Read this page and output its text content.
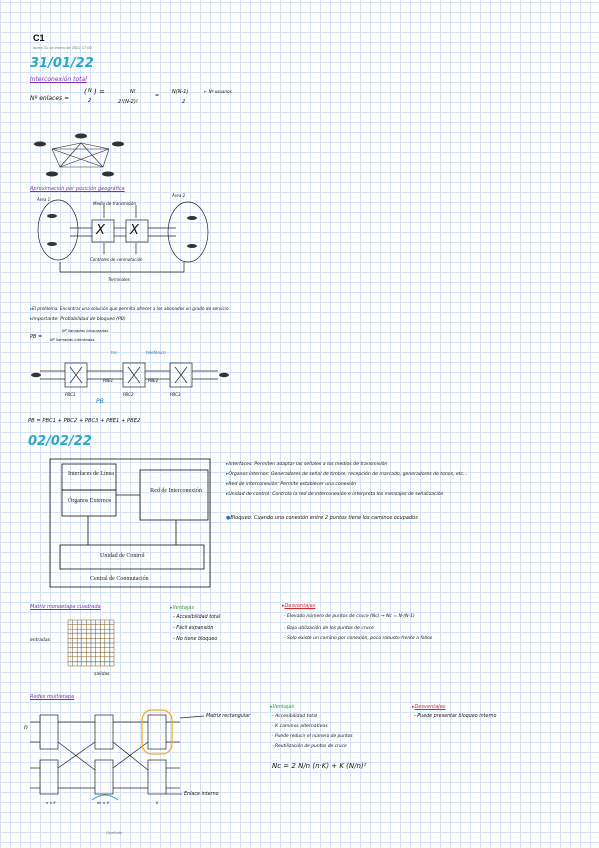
C1
lunes 31 de enero de 2022 17:00
31/01/22
Interconexión total
Nº enlaces =
( N
2
) =	N!
2!(N-2)!
=
N(N-1)
2
← Nº usuarios
Aproximación por posición geográfica
Área 1
Área 2
Medio de transmisión
Controles de conmutación
Terminales
X X
▸El problema: Encontrar una solución que permita afrecer a los abonados un grado de servicio.
▸Importante: Probabilidad de bloqueo (PB)
PB =
Nº llamadas bloqueadas
Nº llamadas intentadas
tro	telefonico
PBE1	PBE2
PBC1	PBC2	PBC3
PB
PB = PBC1 + PBC2 + PBC3 + PBE1 + PBE2
02/02/22
Interfaces de Línea
Órganos Externos
Red de Interconexión
Unidad de Control
Central de Conmutación
▸Interfaces: Permiten adaptar las señales a los medios de transmisión
▸Órganos internos: Generadores de señal de timbre, recepción de marcado, generadores de tonos, etc...
▸Red de interconexión: Permite establecer una conexión
▸Unidad de control: Controla la red de interconexión e interpreta los mensajes de señalización
●Bloqueo: Cuando una conexión entre 2 puntos tiene los caminos ocupados
Matriz monoetapa cuadrada
entradas
salidas
▸Ventajas
- Accesibilidad total
- Fácil expansión
- No tiene bloqueo
▸Desventajas
- Elevado número de puntos de cruce (Nc) → Nc = N·(N-1)
- Baja utilización de los puntos de cruce
- Solo existe un camino por conexión, poco robusto frente a fallos
Redes multietapa
n
Matriz rectangular
Enlace interno
▸Ventajas
- Accesibilidad total
- K caminos alternativos
- Puede reducir el número de puntos
- Reutilización de puntos de cruce
▸Desventajas
- Puede presentar bloqueo interno
Nc = 2 N/n (n·K) + K (N/n)²
n × K	Nc × K	K
OneNote
